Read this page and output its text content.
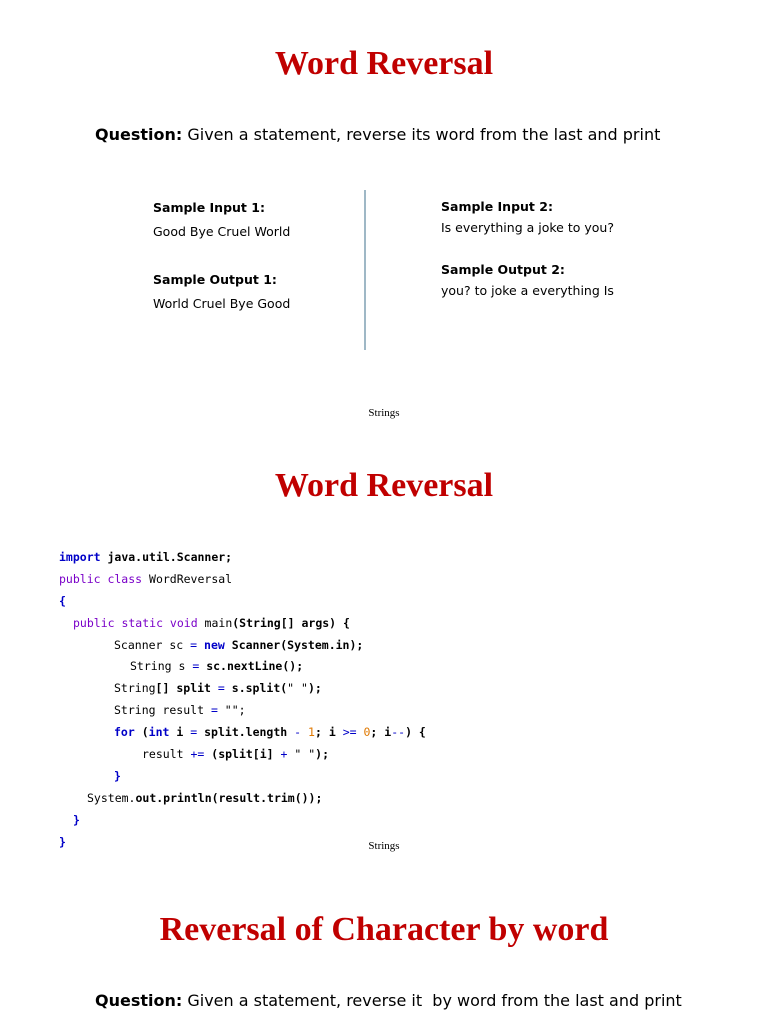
Word Reversal
Question: Given a statement, reverse its word from the last and print
Sample Input 1:
Good Bye Cruel World
Sample Output 1:
World Cruel Bye Good
Sample Input 2:
Is everything a joke to you?
Sample Output 2:
you? to joke a everything Is
Strings
Word Reversal
import java.util.Scanner;
public class WordReversal
{
public static void main(String[] args) {
Scanner sc = new Scanner(System.in);
String s = sc.nextLine();
String[] split = s.split(" ");
String result = "";
for (int i = split.length - 1; i >= 0; i--) {
result += (split[i] + " ");
}
System.out.println(result.trim());
}
}	Strings
Reversal of Character by word
Question: Given a statement, reverse it  by word from the last and print
